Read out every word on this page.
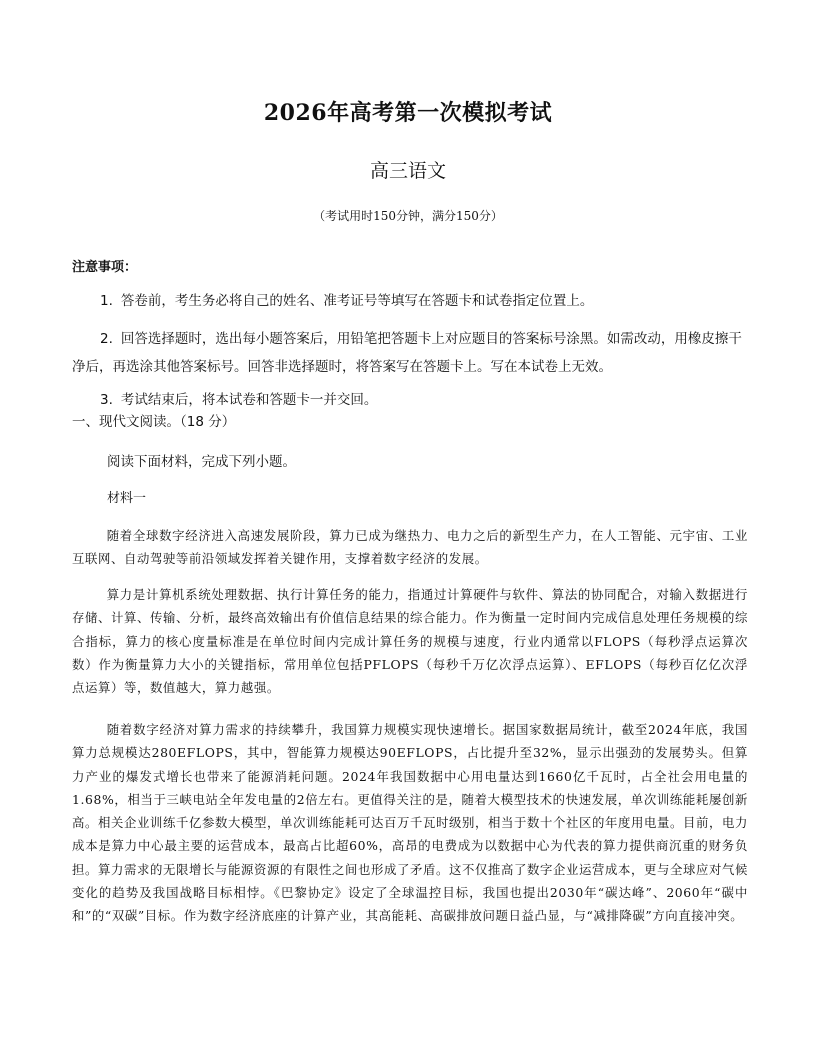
2026年高考第一次模拟考试
高三语文
（考试用时150分钟，满分150分）
注意事项：
1. 答卷前，考生务必将自己的姓名、准考证号等填写在答题卡和试卷指定位置上。
2. 回答选择题时，选出每小题答案后，用铅笔把答题卡上对应题目的答案标号涂黑。如需改动，用橡皮擦干净后，再选涂其他答案标号。回答非选择题时，将答案写在答题卡上。写在本试卷上无效。
3. 考试结束后，将本试卷和答题卡一并交回。
一、现代文阅读。（18 分）
阅读下面材料，完成下列小题。
材料一
随着全球数字经济进入高速发展阶段，算力已成为继热力、电力之后的新型生产力，在人工智能、元宇宙、工业互联网、自动驾驶等前沿领域发挥着关键作用，支撑着数字经济的发展。
算力是计算机系统处理数据、执行计算任务的能力，指通过计算硬件与软件、算法的协同配合，对输入数据进行存储、计算、传输、分析，最终高效输出有价值信息结果的综合能力。作为衡量一定时间内完成信息处理任务规模的综合指标，算力的核心度量标准是在单位时间内完成计算任务的规模与速度，行业内通常以FLOPS（每秒浮点运算次数）作为衡量算力大小的关键指标，常用单位包括PFLOPS（每秒千万亿次浮点运算）、EFLOPS（每秒百亿亿次浮点运算）等，数值越大，算力越强。
随着数字经济对算力需求的持续攀升，我国算力规模实现快速增长。据国家数据局统计，截至2024年底，我国算力总规模达280EFLOPS，其中，智能算力规模达90EFLOPS，占比提升至32%，显示出强劲的发展势头。但算力产业的爆发式增长也带来了能源消耗问题。2024年我国数据中心用电量达到1660亿千瓦时，占全社会用电量的1.68%，相当于三峡电站全年发电量的2倍左右。更值得关注的是，随着大模型技术的快速发展，单次训练能耗屡创新高。相关企业训练千亿参数大模型，单次训练能耗可达百万千瓦时级别，相当于数十个社区的年度用电量。目前，电力成本是算力中心最主要的运营成本，最高占比超60%，高昂的电费成为以数据中心为代表的算力提供商沉重的财务负担。算力需求的无限增长与能源资源的有限性之间也形成了矛盾。这不仅推高了数字企业运营成本，更与全球应对气候变化的趋势及我国战略目标相悖。《巴黎协定》设定了全球温控目标，我国也提出2030年“碳达峰”、2060年“碳中和”的“双碳”目标。作为数字经济底座的计算产业，其高能耗、高碳排放问题日益凸显，与“减排降碳”方向直接冲突。
